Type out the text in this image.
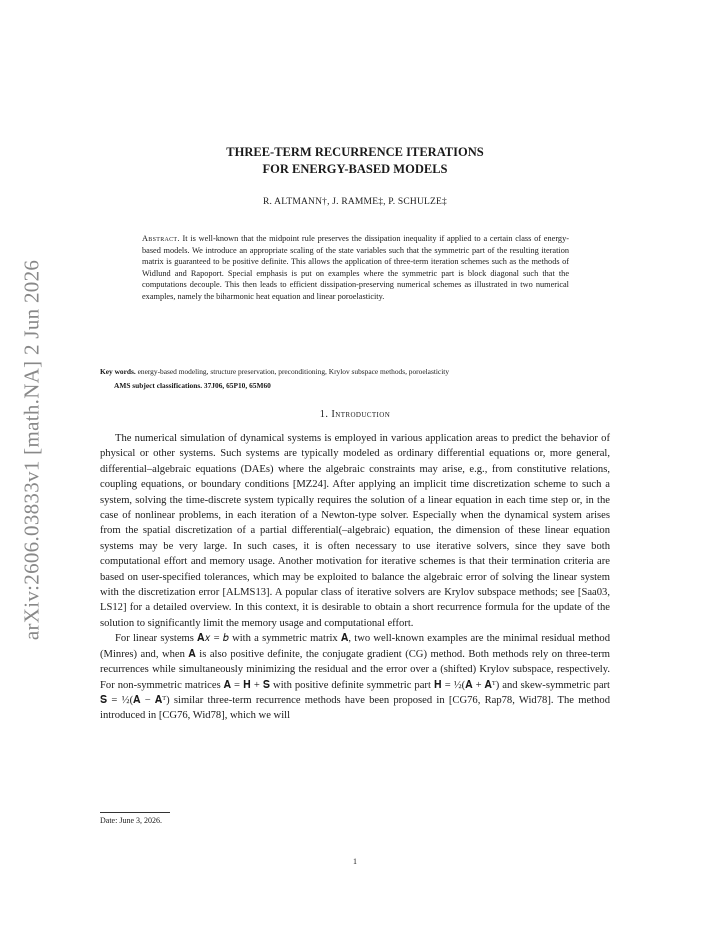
arXiv:2606.03833v1 [math.NA] 2 Jun 2026
THREE-TERM RECURRENCE ITERATIONS
FOR ENERGY-BASED MODELS
R. ALTMANN†, J. RAMME‡, P. SCHULZE‡
Abstract. It is well-known that the midpoint rule preserves the dissipation inequality if applied to a certain class of energy-based models. We introduce an appropriate scaling of the state variables such that the symmetric part of the resulting iteration matrix is guaranteed to be positive definite. This allows the application of three-term iteration schemes such as the methods of Widlund and Rapoport. Special emphasis is put on examples where the symmetric part is block diagonal such that the computations decouple. This then leads to efficient dissipation-preserving numerical schemes as illustrated in two numerical examples, namely the biharmonic heat equation and linear poroelasticity.
Key words. energy-based modeling, structure preservation, preconditioning, Krylov subspace methods, poroelasticity
AMS subject classifications. 37J06, 65P10, 65M60
1. Introduction

The numerical simulation of dynamical systems is employed in various application areas to predict the behavior of physical or other systems. Such systems are typically modeled as ordinary differential equations or, more general, differential–algebraic equations (DAEs) where the algebraic constraints may arise, e.g., from constitutive relations, coupling equations, or boundary conditions [MZ24]. After applying an implicit time discretization scheme to such a system, solving the time-discrete system typically requires the solution of a linear equation in each time step or, in the case of nonlinear problems, in each iteration of a Newton-type solver. Especially when the dynamical system arises from the spatial discretization of a partial differential(–algebraic) equation, the dimension of these linear equation systems may be very large. In such cases, it is often necessary to use iterative solvers, since they save both computational effort and memory usage. Another motivation for iterative schemes is that their termination criteria are based on user-specified tolerances, which may be exploited to balance the algebraic error of solving the linear system with the discretization error [ALMS13]. A popular class of iterative solvers are Krylov subspace methods; see [Saa03, LS12] for a detailed overview. In this context, it is desirable to obtain a short recurrence formula for the update of the solution to significantly limit the memory usage and computational effort.

For linear systems 𝐀𝑥 = 𝑏 with a symmetric matrix 𝐀, two well-known examples are the minimal residual method (Minres) and, when 𝐀 is also positive definite, the conjugate gradient (CG) method. Both methods rely on three-term recurrences while simultaneously minimizing the residual and the error over a (shifted) Krylov subspace, respectively. For non-symmetric matrices 𝐀 = 𝐇 + 𝐒 with positive definite symmetric part 𝐇 = ½(𝐀 + 𝐀ᵀ) and skew-symmetric part 𝐒 = ½(𝐀 − 𝐀ᵀ) similar three-term recurrence methods have been proposed in [CG76, Rap78, Wid78]. The method introduced in [CG76, Wid78], which we will

Date: June 3, 2026.
1
